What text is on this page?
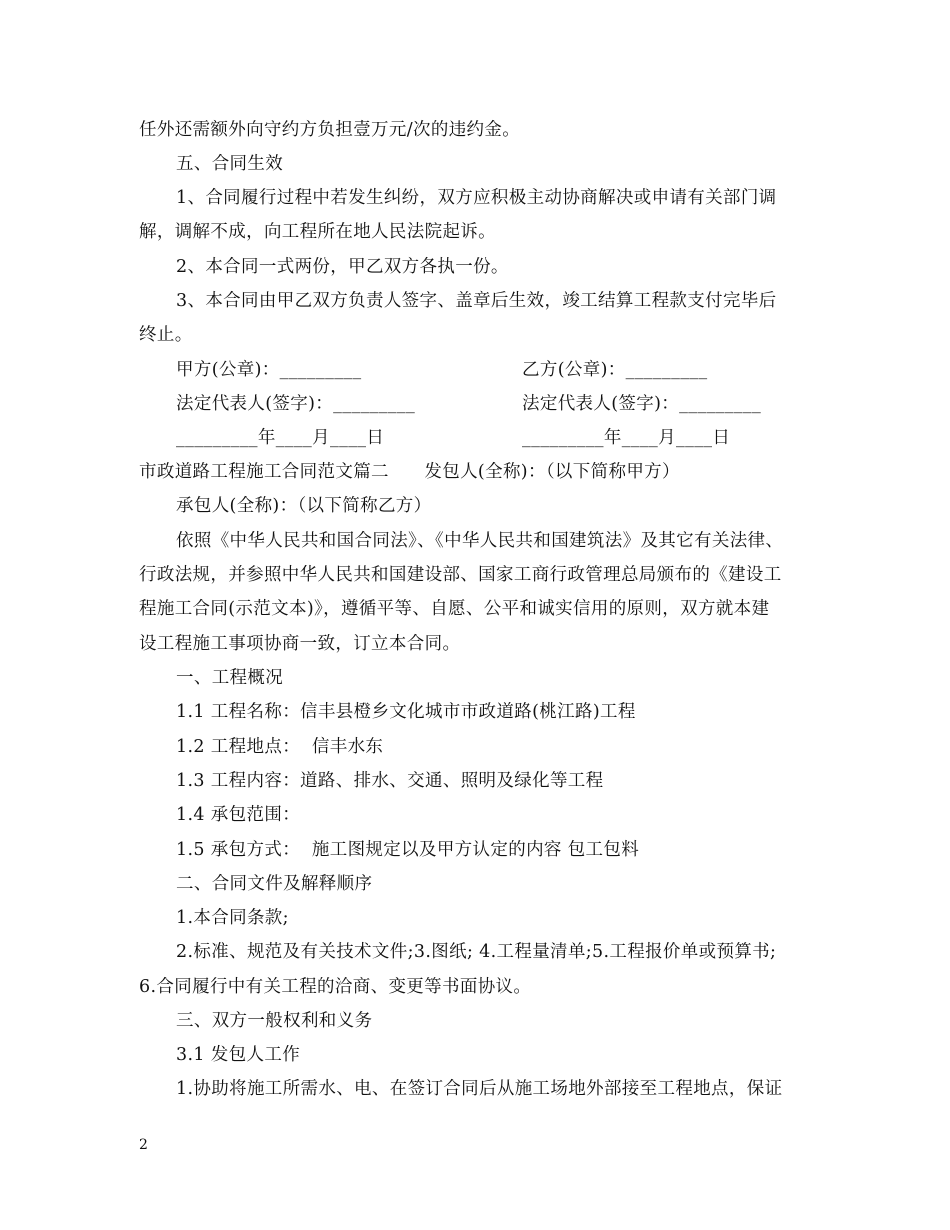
任外还需额外向守约方负担壹万元/次的违约金。
五、合同生效
1、合同履行过程中若发生纠纷，双方应积极主动协商解决或申请有关部门调
解，调解不成，向工程所在地人民法院起诉。
2、本合同一式两份，甲乙双方各执一份。
3、本合同由甲乙双方负责人签字、盖章后生效，竣工结算工程款支付完毕后
终止。
甲方(公章)：_________	乙方(公章)：_________
法定代表人(签字)：_________	法定代表人(签字)：_________
_________年____月____日	_________年____月____日
市政道路工程施工合同范文篇二      发包人(全称)：（以下简称甲方）
承包人(全称)：（以下简称乙方）
依照《中华人民共和国合同法》、《中华人民共和国建筑法》及其它有关法律、
行政法规，并参照中华人民共和国建设部、国家工商行政管理总局颁布的《建设工
程施工合同(示范文本)》，遵循平等、自愿、公平和诚实信用的原则，双方就本建
设工程施工事项协商一致，订立本合同。
一、工程概况
1.1 工程名称：信丰县橙乡文化城市市政道路(桃江路)工程
1.2 工程地点：  信丰水东
1.3 工程内容：道路、排水、交通、照明及绿化等工程
1.4 承包范围：
1.5 承包方式：  施工图规定以及甲方认定的内容 包工包料
二、合同文件及解释顺序
1.本合同条款;
2.标准、规范及有关技术文件;3.图纸; 4.工程量清单;5.工程报价单或预算书;
6.合同履行中有关工程的洽商、变更等书面协议。
三、双方一般权利和义务
3.1 发包人工作
1.协助将施工所需水、电、在签订合同后从施工场地外部接至工程地点，保证
2
